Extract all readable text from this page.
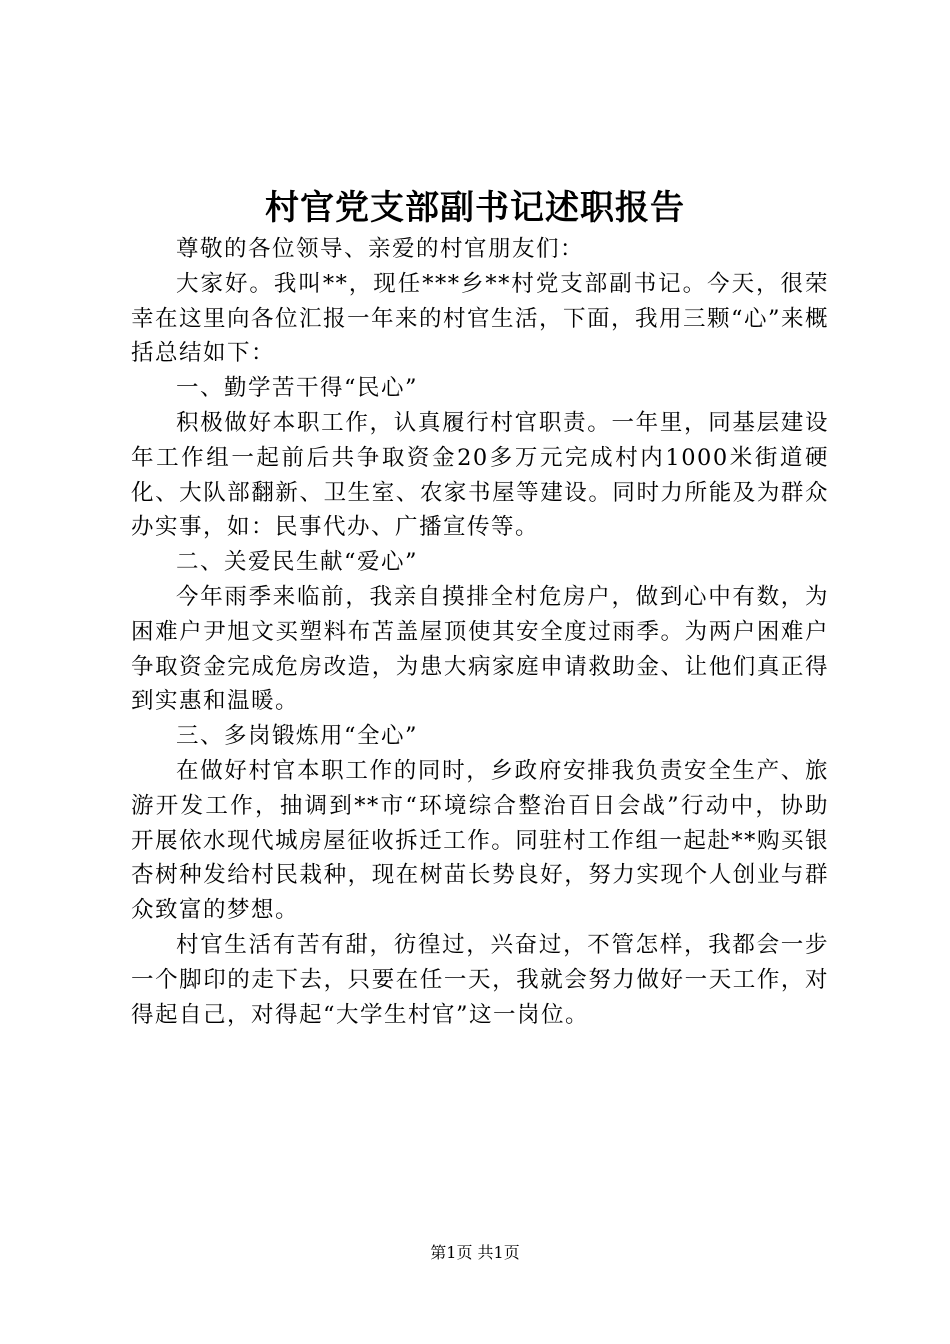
村官党支部副书记述职报告

尊敬的各位领导、亲爱的村官朋友们：

大家好。我叫**，现任***乡**村党支部副书记。今天，很荣幸在这里向各位汇报一年来的村官生活，下面，我用三颗“心”来概括总结如下：

一、勤学苦干得“民心”

积极做好本职工作，认真履行村官职责。一年里，同基层建设年工作组一起前后共争取资金20多万元完成村内1000米街道硬化、大队部翻新、卫生室、农家书屋等建设。同时力所能及为群众办实事，如：民事代办、广播宣传等。

二、关爱民生献“爱心”

今年雨季来临前，我亲自摸排全村危房户，做到心中有数，为困难户尹旭文买塑料布苫盖屋顶使其安全度过雨季。为两户困难户争取资金完成危房改造，为患大病家庭申请救助金、让他们真正得到实惠和温暖。

三、多岗锻炼用“全心”

在做好村官本职工作的同时，乡政府安排我负责安全生产、旅游开发工作，抽调到**市“环境综合整治百日会战”行动中，协助开展依水现代城房屋征收拆迁工作。同驻村工作组一起赴**购买银杏树种发给村民栽种，现在树苗长势良好，努力实现个人创业与群众致富的梦想。

村官生活有苦有甜，彷徨过，兴奋过，不管怎样，我都会一步一个脚印的走下去，只要在任一天，我就会努力做好一天工作，对得起自己，对得起“大学生村官”这一岗位。

第1页 共1页
